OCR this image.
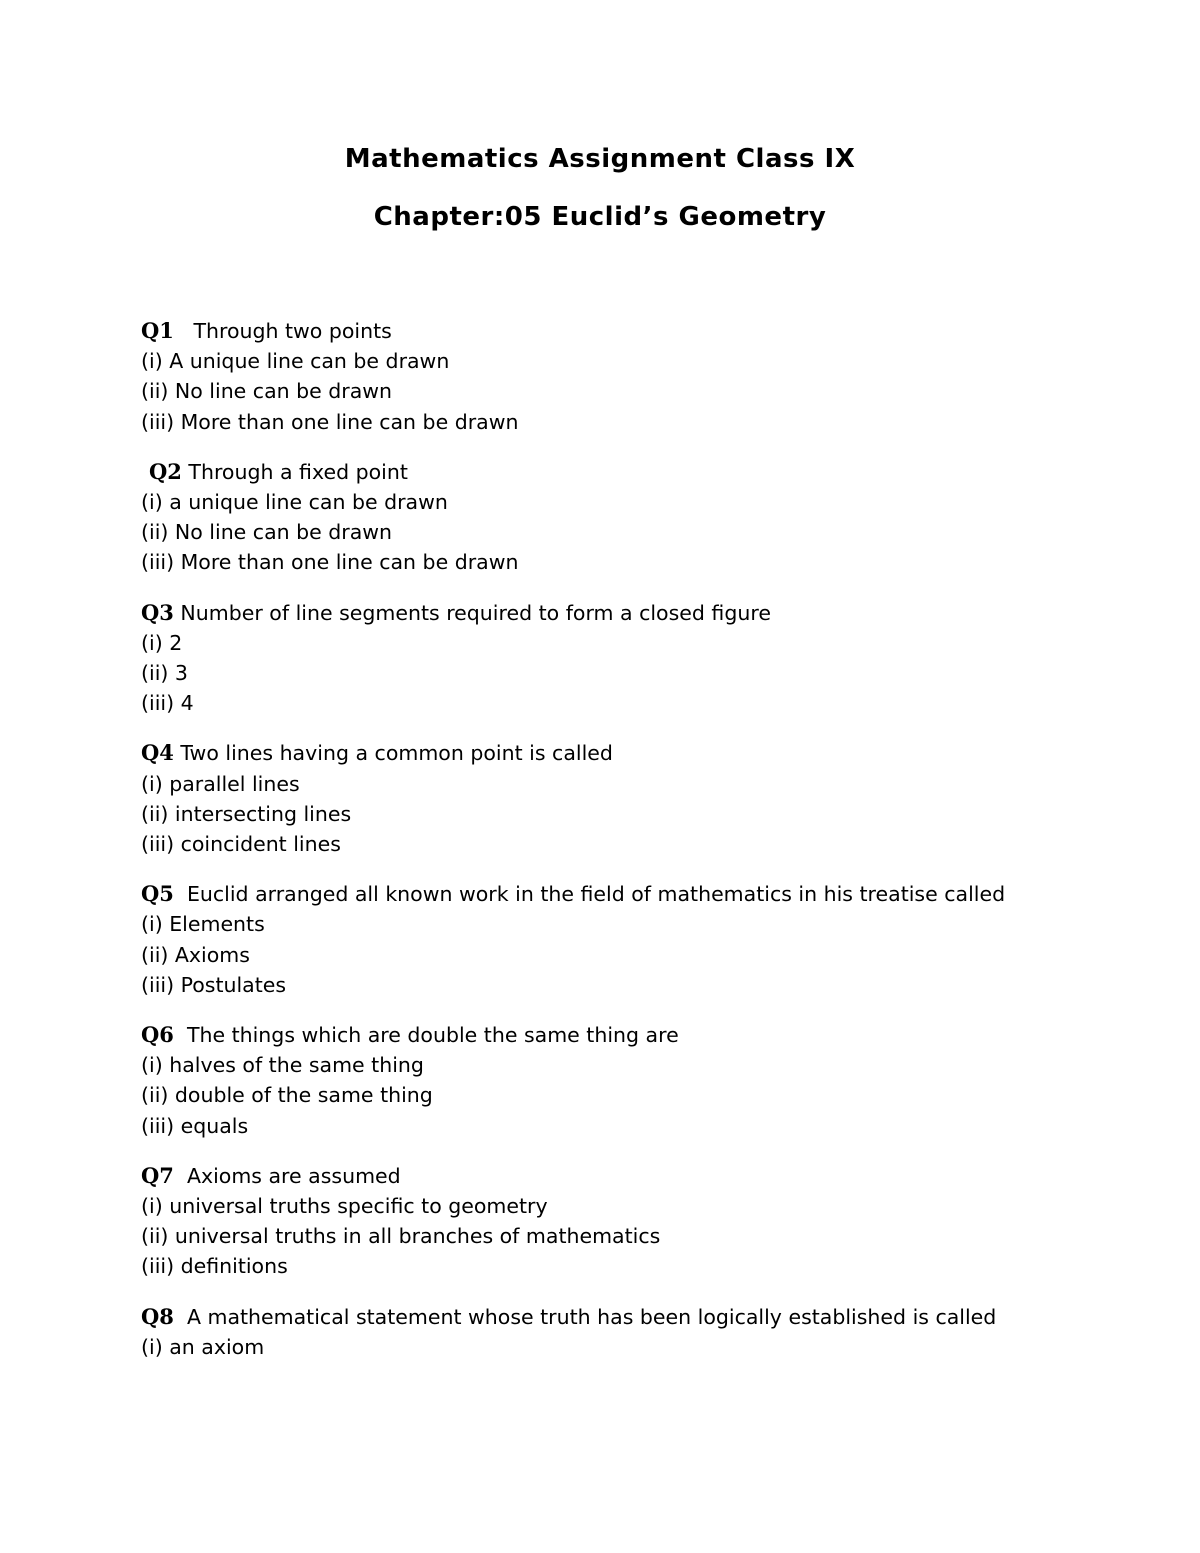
Mathematics Assignment Class IX
Chapter:05 Euclid’s Geometry

Q1   Through two points

(i) A unique line can be drawn

(ii) No line can be drawn

(iii) More than one line can be drawn

Q2 Through a fixed point

(i) a unique line can be drawn

(ii) No line can be drawn

(iii) More than one line can be drawn

Q3 Number of line segments required to form a closed figure

(i) 2

(ii) 3

(iii) 4

Q4 Two lines having a common point is called

(i) parallel lines

(ii) intersecting lines

(iii) coincident lines

Q5  Euclid arranged all known work in the field of mathematics in his treatise called

(i) Elements

(ii) Axioms

(iii) Postulates

Q6  The things which are double the same thing are

(i) halves of the same thing

(ii) double of the same thing

(iii) equals

Q7  Axioms are assumed

(i) universal truths specific to geometry

(ii) universal truths in all branches of mathematics

(iii) definitions

Q8  A mathematical statement whose truth has been logically established is called

(i) an axiom
